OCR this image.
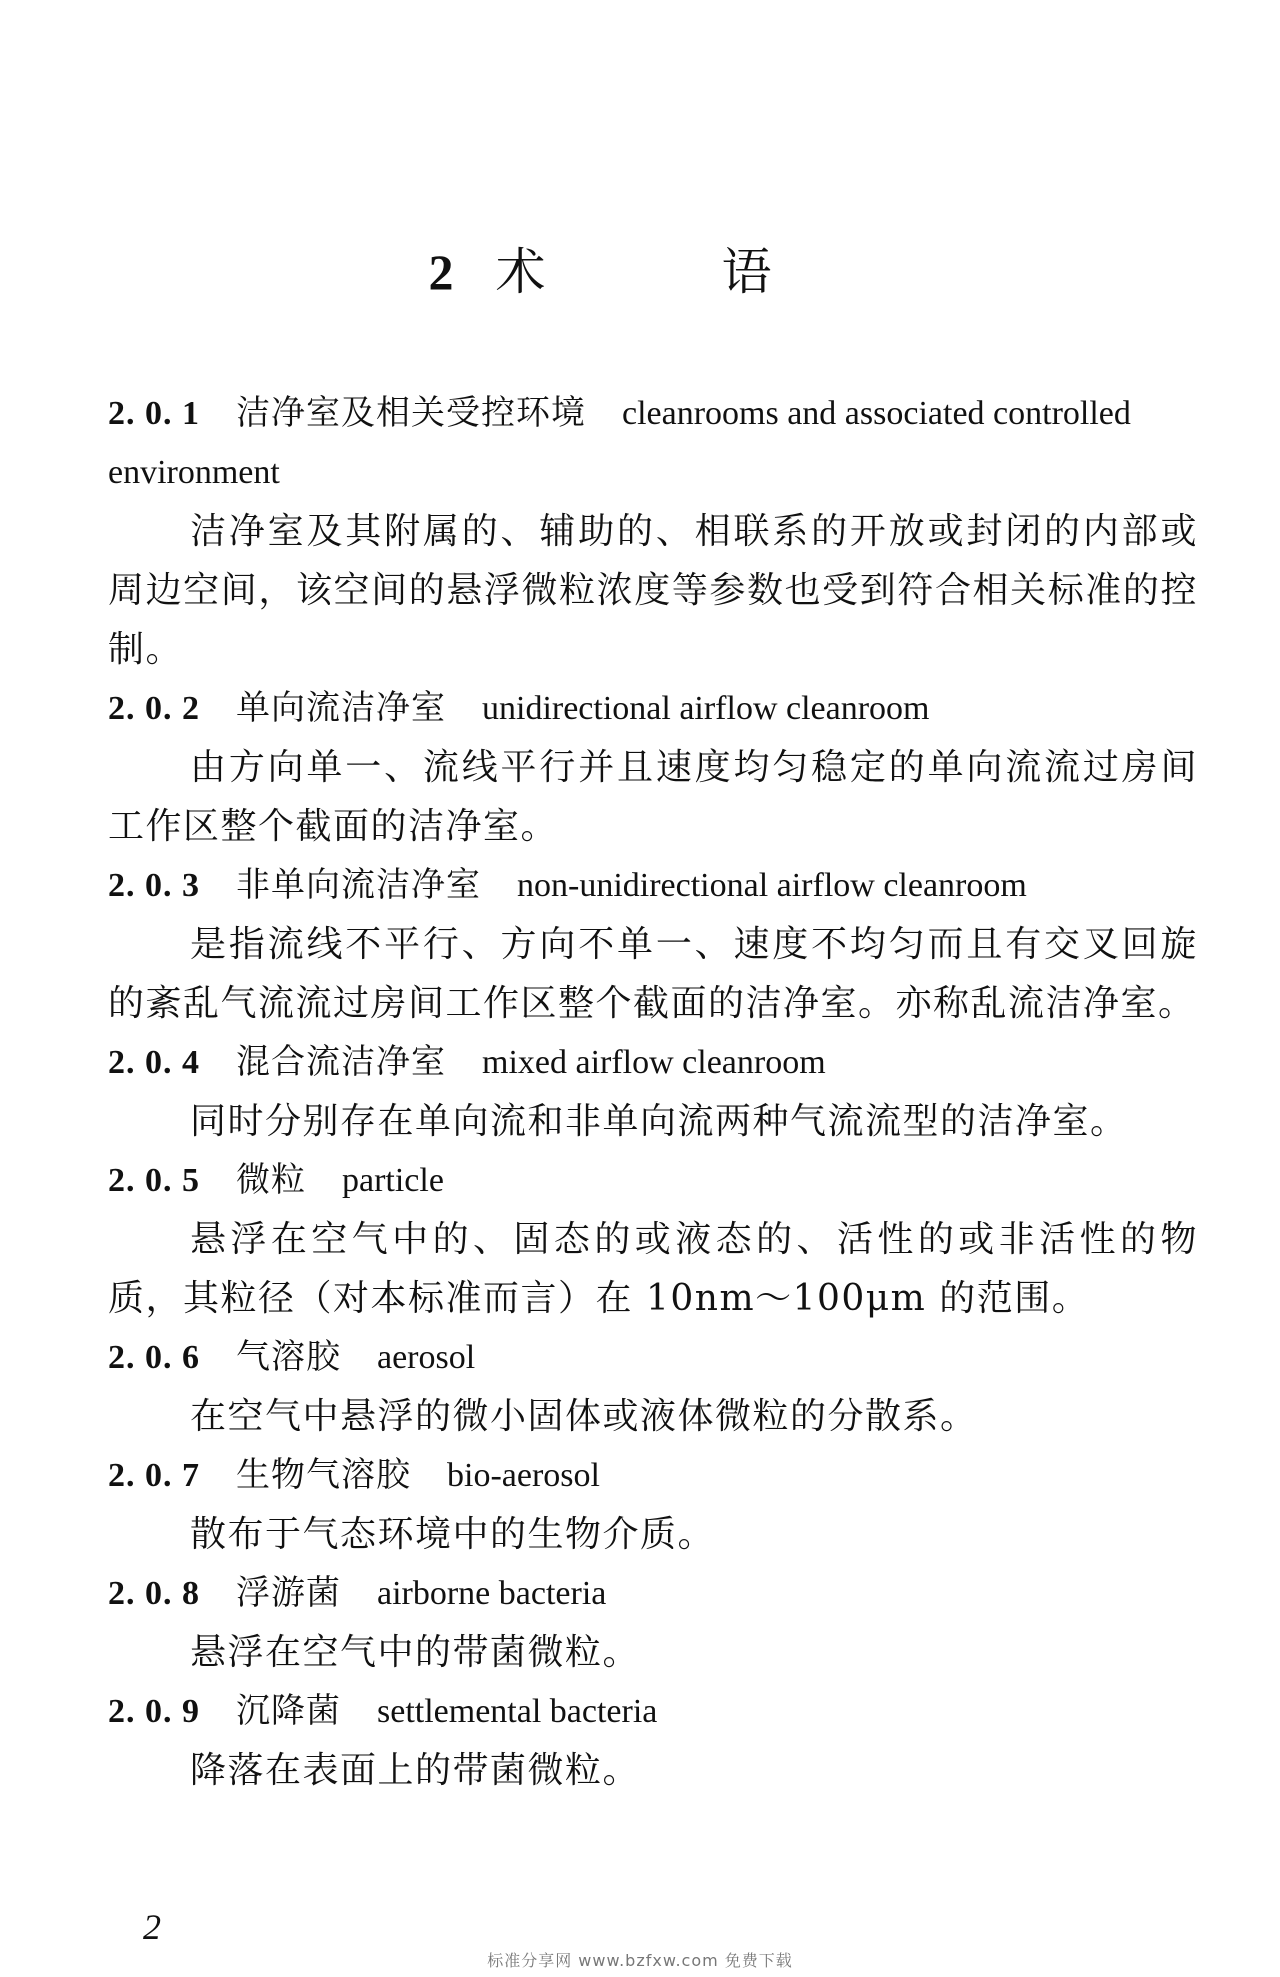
2 术 语
2. 0. 1 洁净室及相关受控环境 cleanrooms and associated controlled environment
洁净室及其附属的、辅助的、相联系的开放或封闭的内部或周边空间，该空间的悬浮微粒浓度等参数也受到符合相关标准的控制。
2. 0. 2 单向流洁净室 unidirectional airflow cleanroom
由方向单一、流线平行并且速度均匀稳定的单向流流过房间工作区整个截面的洁净室。
2. 0. 3 非单向流洁净室 non-unidirectional airflow cleanroom
是指流线不平行、方向不单一、速度不均匀而且有交叉回旋的紊乱气流流过房间工作区整个截面的洁净室。亦称乱流洁净室。
2. 0. 4 混合流洁净室 mixed airflow cleanroom
同时分别存在单向流和非单向流两种气流流型的洁净室。
2. 0. 5 微粒 particle
悬浮在空气中的、固态的或液态的、活性的或非活性的物质，其粒径（对本标准而言）在 10nm～100μm 的范围。
2. 0. 6 气溶胶 aerosol
在空气中悬浮的微小固体或液体微粒的分散系。
2. 0. 7 生物气溶胶 bio-aerosol
散布于气态环境中的生物介质。
2. 0. 8 浮游菌 airborne bacteria
悬浮在空气中的带菌微粒。
2. 0. 9 沉降菌 settlemental bacteria
降落在表面上的带菌微粒。
2
标准分享网 www.bzfxw.com 免费下载
